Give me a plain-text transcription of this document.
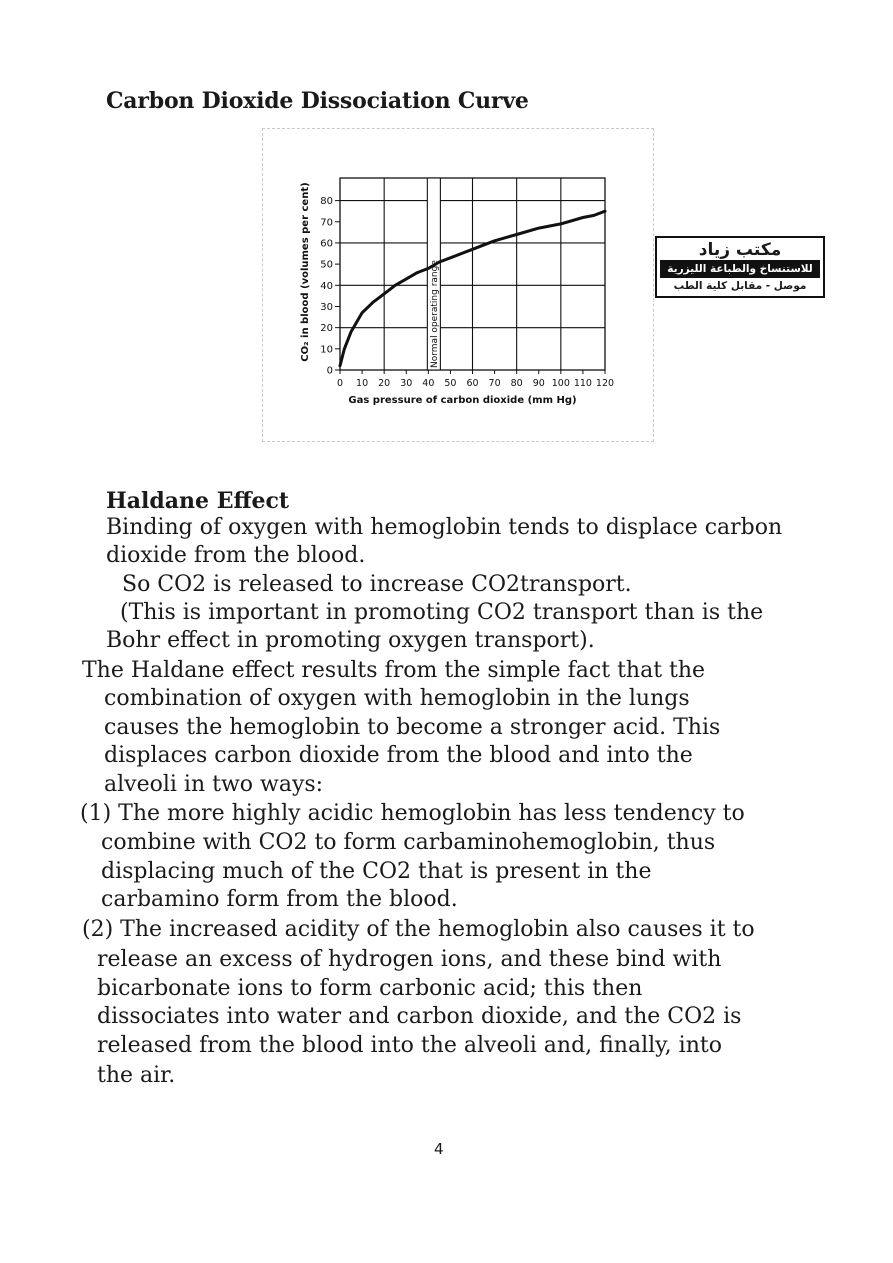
Carbon Dioxide Dissociation Curve
Normal operating range
0
10
20
30
40
50
60
70
80
0 10 20 30 40 50 60 70 80 90 100 110 120
Gas pressure of carbon dioxide (mm Hg)
CO₂ in blood (volumes per cent)	مكتب زياد
للاستنساخ والطباعة الليزرية
موصل - مقابل كلية الطب
Haldane Effect
Binding of oxygen with hemoglobin tends to displace carbon
dioxide from the blood.
So CO2 is released to increase CO2transport.
(This is important in promoting CO2 transport than is the
Bohr effect in promoting oxygen transport).
The Haldane effect results from the simple fact that the
combination of oxygen with hemoglobin in the lungs
causes the hemoglobin to become a stronger acid. This
displaces carbon dioxide from the blood and into the
alveoli in two ways:
(1) The more highly acidic hemoglobin has less tendency to
combine with CO2 to form carbaminohemoglobin, thus
displacing much of the CO2 that is present in the
carbamino form from the blood.
(2) The increased acidity of the hemoglobin also causes it to
release an excess of hydrogen ions, and these bind with
bicarbonate ions to form carbonic acid; this then
dissociates into water and carbon dioxide, and the CO2 is
released from the blood into the alveoli and, finally, into
the air.
4
